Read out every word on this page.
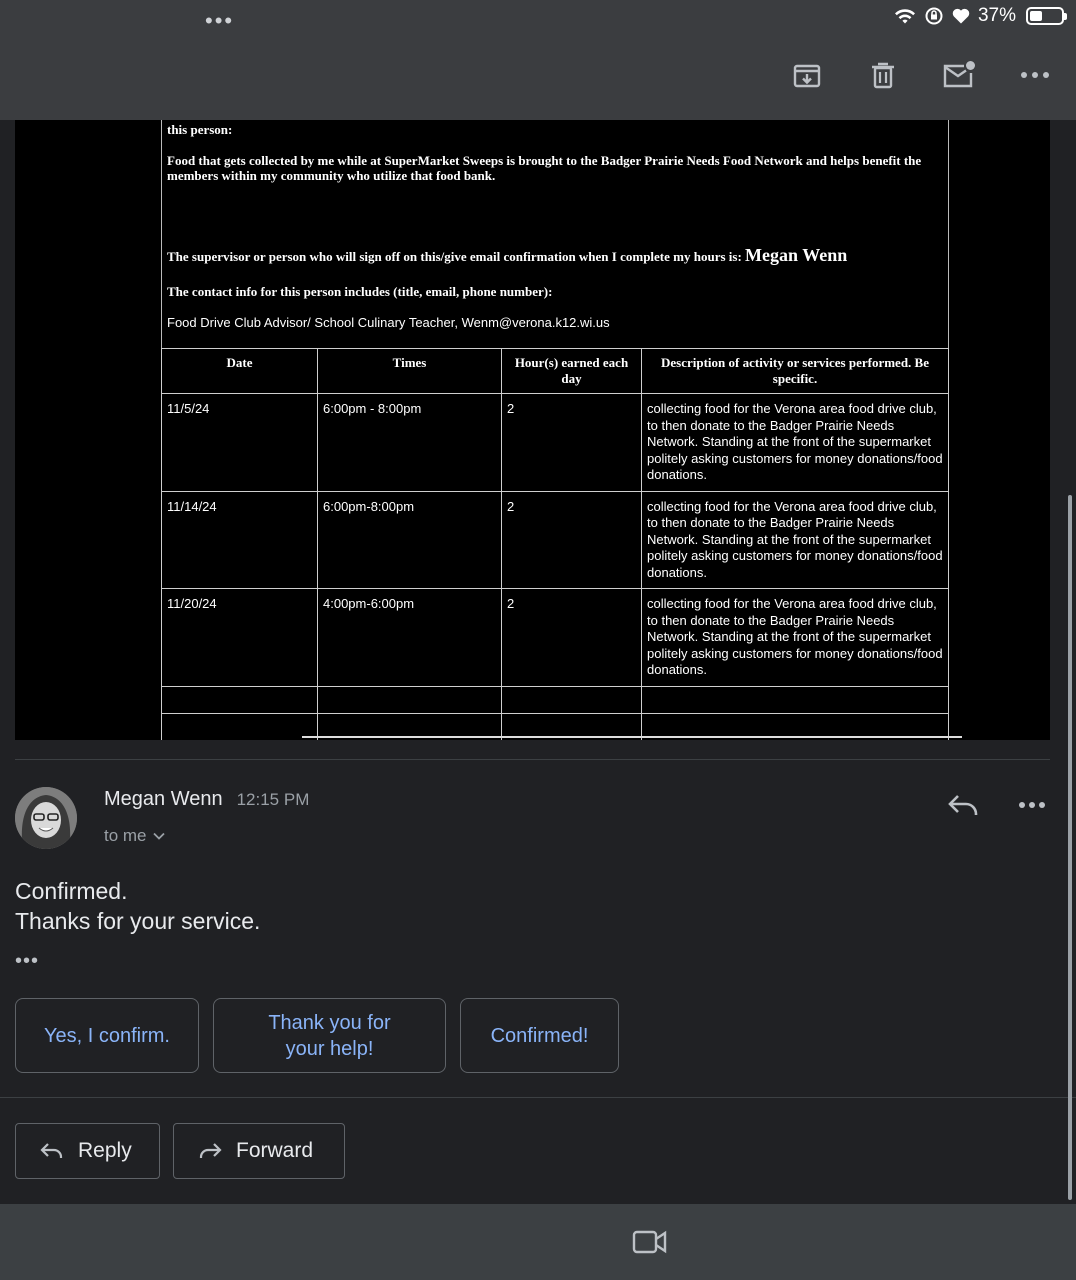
•••	37%
this person:
Food that gets collected by me while at SuperMarket Sweeps is brought to the Badger Prairie Needs Food Network and helps benefit the members within my community who utilize that food bank.
The supervisor or person who will sign off on this/give email confirmation when I complete my hours is: Megan Wenn
The contact info for this person includes (title, email, phone number):
Food Drive Club Advisor/ School Culinary Teacher, Wenm@verona.k12.wi.us
Date	Times	Hour(s) earned each day	Description of activity or services performed. Be specific.
11/5/24	6:00pm - 8:00pm	2	collecting food for the Verona area food drive club, to then donate to the Badger Prairie Needs Network. Standing at the front of the supermarket politely asking customers for money donations/food donations.
11/14/24	6:00pm-8:00pm	2	collecting food for the Verona area food drive club, to then donate to the Badger Prairie Needs Network. Standing at the front of the supermarket politely asking customers for money donations/food donations.
11/20/24	4:00pm-6:00pm	2	collecting food for the Verona area food drive club, to then donate to the Badger Prairie Needs Network. Standing at the front of the supermarket politely asking customers for money donations/food donations.

Megan Wenn 12:15 PM
to me
Confirmed.
Thanks for your service.
•••
Yes, I confirm.
Thank you for your help!
Confirmed!
Reply	Forward
